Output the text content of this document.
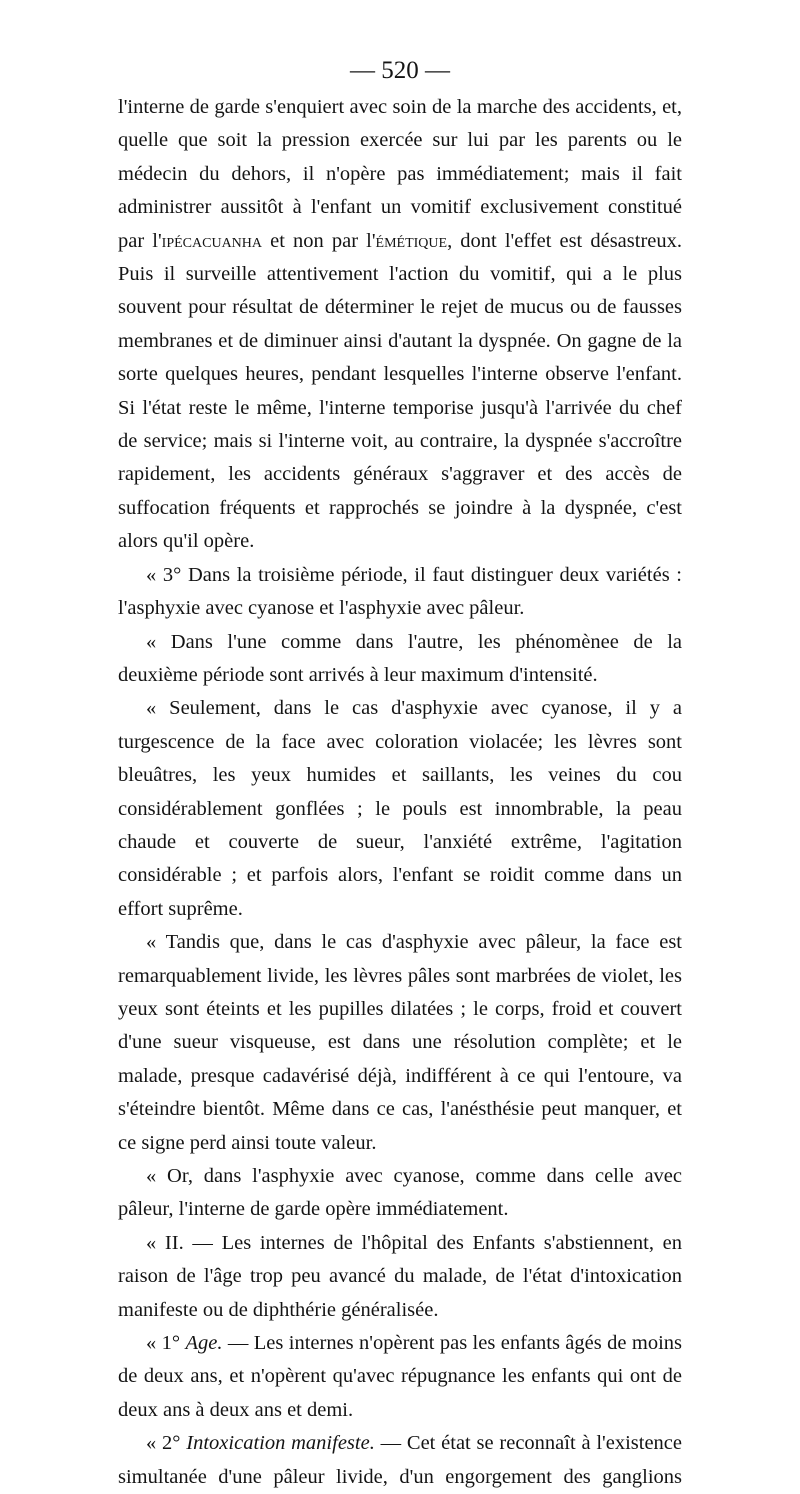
— 520 —

l'interne de garde s'enquiert avec soin de la marche des accidents, et, quelle que soit la pression exercée sur lui par les parents ou le médecin du dehors, il n'opère pas immédiatement; mais il fait administrer aussitôt à l'enfant un vomitif exclusivement constitué par l'ipécacuanha et non par l'émétique, dont l'effet est désastreux. Puis il surveille attentivement l'action du vomitif, qui a le plus souvent pour résultat de déterminer le rejet de mucus ou de fausses membranes et de diminuer ainsi d'autant la dyspnée. On gagne de la sorte quelques heures, pendant lesquelles l'interne observe l'enfant. Si l'état reste le même, l'interne temporise jusqu'à l'arrivée du chef de service; mais si l'interne voit, au contraire, la dyspnée s'accroître rapidement, les accidents généraux s'aggraver et des accès de suffocation fréquents et rapprochés se joindre à la dyspnée, c'est alors qu'il opère.

« 3° Dans la troisième période, il faut distinguer deux variétés : l'asphyxie avec cyanose et l'asphyxie avec pâleur.

« Dans l'une comme dans l'autre, les phénomènee de la deuxième période sont arrivés à leur maximum d'intensité.

« Seulement, dans le cas d'asphyxie avec cyanose, il y a turgescence de la face avec coloration violacée; les lèvres sont bleuâtres, les yeux humides et saillants, les veines du cou considérablement gonflées ; le pouls est innombrable, la peau chaude et couverte de sueur, l'anxiété extrême, l'agitation considérable ; et parfois alors, l'enfant se roidit comme dans un effort suprême.

« Tandis que, dans le cas d'asphyxie avec pâleur, la face est remarquablement livide, les lèvres pâles sont marbrées de violet, les yeux sont éteints et les pupilles dilatées ; le corps, froid et couvert d'une sueur visqueuse, est dans une résolution complète; et le malade, presque cadavérisé déjà, indifférent à ce qui l'entoure, va s'éteindre bientôt. Même dans ce cas, l'anésthésie peut manquer, et ce signe perd ainsi toute valeur.

« Or, dans l'asphyxie avec cyanose, comme dans celle avec pâleur, l'interne de garde opère immédiatement.

« II. — Les internes de l'hôpital des Enfants s'abstiennent, en raison de l'âge trop peu avancé du malade, de l'état d'intoxication manifeste ou de diphthérie généralisée.

« 1° Age. — Les internes n'opèrent pas les enfants âgés de moins de deux ans, et n'opèrent qu'avec répugnance les enfants qui ont de deux ans à deux ans et demi.

« 2° Intoxication manifeste. — Cet état se reconnaît à l'existence simultanée d'une pâleur livide, d'un engorgement des ganglions
